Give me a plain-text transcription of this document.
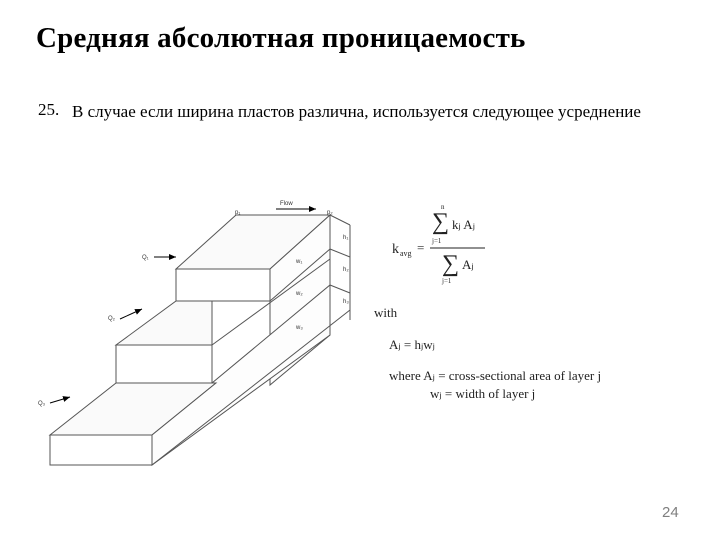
Средняя абсолютная проницаемость
25. В случае если ширина пластов различна, используется следующее усреднение
Flow
p₁	p₂
Q₁
Q₂
Q₃
h₁
h₂
h₃
w₁
w₂
w₃
n
∑ kⱼ Aⱼ
j=1
k avg =
∑ Aⱼ
j=1
with
Aⱼ = hⱼwⱼ
where Aⱼ = cross-sectional area of layer j
wⱼ = width of layer j
24
